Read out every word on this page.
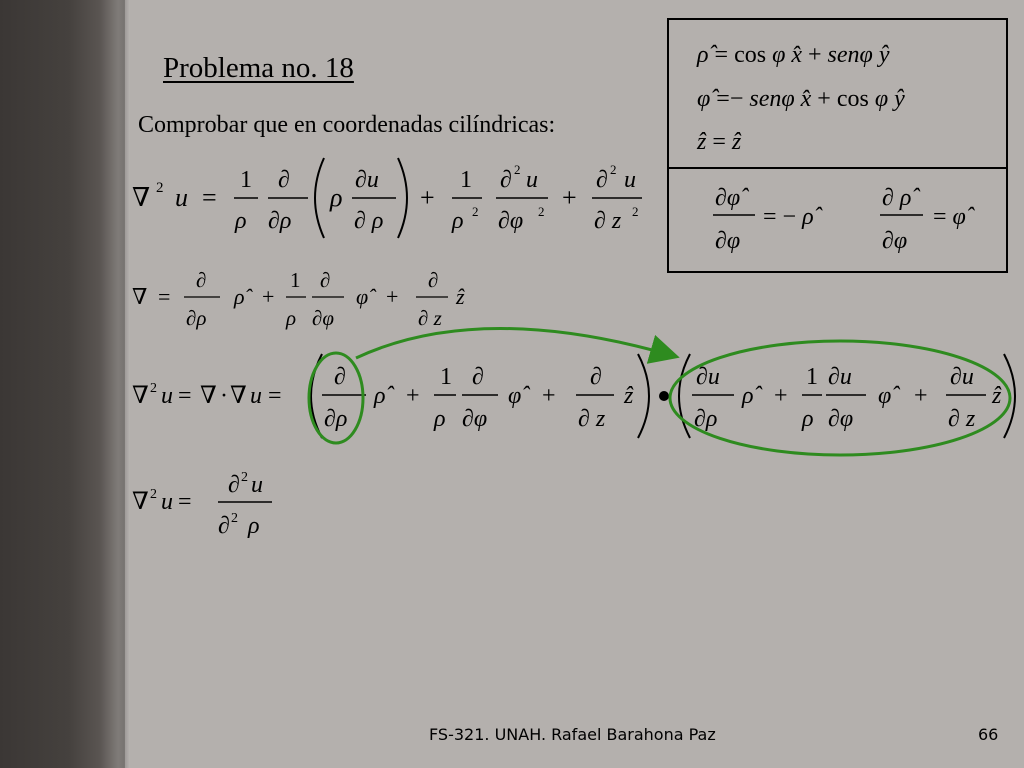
Problema no. 18
Comprobar que en coordenadas cilíndricas:
ρ̂ = cos φ x̂ + senφ ŷ
φ̂ =− senφ x̂ + cos φ ŷ
ẑ = ẑ
∂φ̂
∂φ
= − ρ̂
∂ ρ̂
∂φ
= φ̂
∇ 2 u =
1
ρ
∂
∂ρ
ρ
∂u
∂ ρ
+
1
ρ 2
∂ 2 u
∂φ 2 +
∂ 2 u
∂ z 2
∇ =
∂
∂ρ
ρ̂ +
1
ρ
∂
∂φ
φ̂ +
∂
∂ z
ẑ
∇ 2 u = ∇ · ∇ u =
∂
∂ρ
ρ̂ +
1
ρ
∂
∂φ
φ̂ +
∂
∂ z
ẑ
∂u
∂ρ
ρ̂ +
1
ρ
∂u
∂φ
φ̂ +
∂u
∂ z
ẑ
∇ 2 u =
∂ 2 u
∂ 2 ρ
FS-321. UNAH. Rafael Barahona Paz	66
